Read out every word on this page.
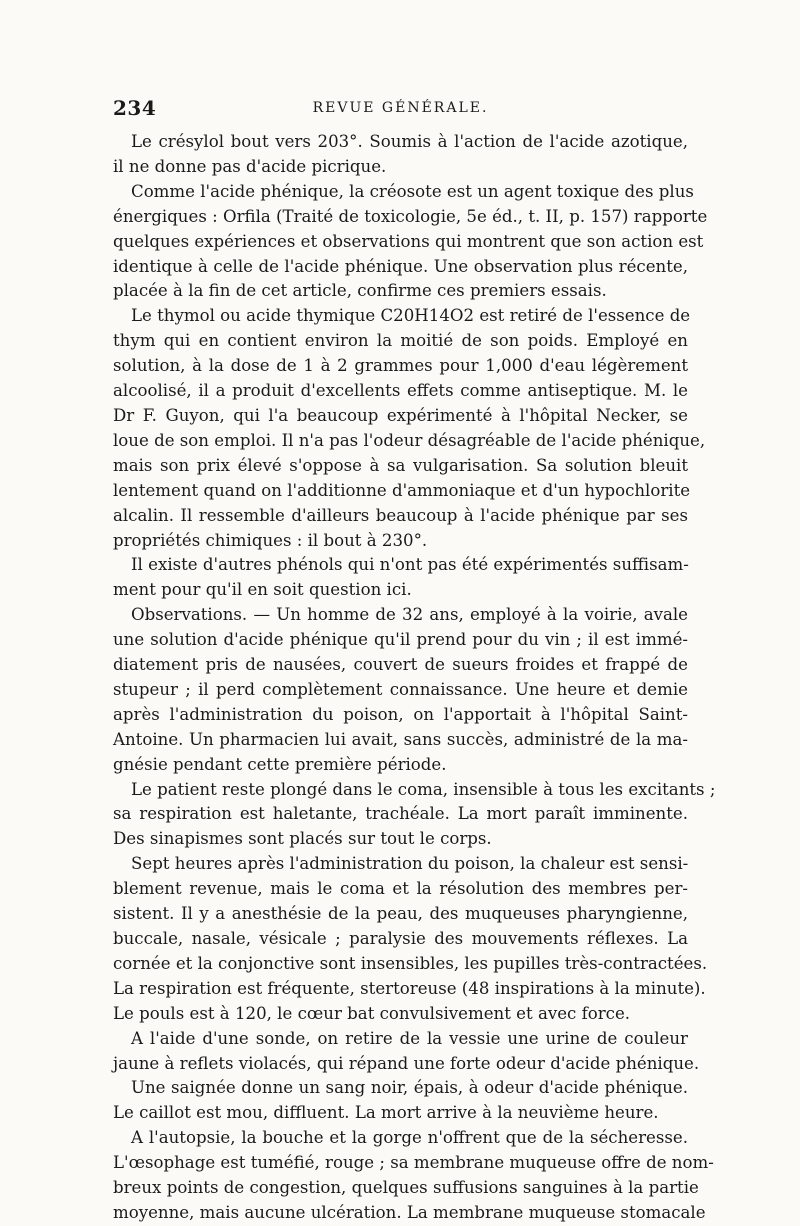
234	REVUE GÉNÉRALE.
Le crésylol bout vers 203°. Soumis à l'action de l'acide azotique,
il ne donne pas d'acide picrique.
Comme l'acide phénique, la créosote est un agent toxique des plus
énergiques : Orfila (Traité de toxicologie, 5e éd., t. II, p. 157) rapporte
quelques expériences et observations qui montrent que son action est
identique à celle de l'acide phénique. Une observation plus récente,
placée à la fin de cet article, confirme ces premiers essais.
Le thymol ou acide thymique C20H14O2 est retiré de l'essence de
thym qui en contient environ la moitié de son poids. Employé en
solution, à la dose de 1 à 2 grammes pour 1,000 d'eau légèrement
alcoolisé, il a produit d'excellents effets comme antiseptique. M. le
Dr F. Guyon, qui l'a beaucoup expérimenté à l'hôpital Necker, se
loue de son emploi. Il n'a pas l'odeur désagréable de l'acide phénique,
mais son prix élevé s'oppose à sa vulgarisation. Sa solution bleuit
lentement quand on l'additionne d'ammoniaque et d'un hypochlorite
alcalin. Il ressemble d'ailleurs beaucoup à l'acide phénique par ses
propriétés chimiques : il bout à 230°.
Il existe d'autres phénols qui n'ont pas été expérimentés suffisam-
ment pour qu'il en soit question ici.
Observations. — Un homme de 32 ans, employé à la voirie, avale
une solution d'acide phénique qu'il prend pour du vin ; il est immé-
diatement pris de nausées, couvert de sueurs froides et frappé de
stupeur ; il perd complètement connaissance. Une heure et demie
après l'administration du poison, on l'apportait à l'hôpital Saint-
Antoine. Un pharmacien lui avait, sans succès, administré de la ma-
gnésie pendant cette première période.
Le patient reste plongé dans le coma, insensible à tous les excitants ;
sa respiration est haletante, trachéale. La mort paraît imminente.
Des sinapismes sont placés sur tout le corps.
Sept heures après l'administration du poison, la chaleur est sensi-
blement revenue, mais le coma et la résolution des membres per-
sistent. Il y a anesthésie de la peau, des muqueuses pharyngienne,
buccale, nasale, vésicale ; paralysie des mouvements réflexes. La
cornée et la conjonctive sont insensibles, les pupilles très-contractées.
La respiration est fréquente, stertoreuse (48 inspirations à la minute).
Le pouls est à 120, le cœur bat convulsivement et avec force.
A l'aide d'une sonde, on retire de la vessie une urine de couleur
jaune à reflets violacés, qui répand une forte odeur d'acide phénique.
Une saignée donne un sang noir, épais, à odeur d'acide phénique.
Le caillot est mou, diffluent. La mort arrive à la neuvième heure.
A l'autopsie, la bouche et la gorge n'offrent que de la sécheresse.
L'œsophage est tuméfié, rouge ; sa membrane muqueuse offre de nom-
breux points de congestion, quelques suffusions sanguines à la partie
moyenne, mais aucune ulcération. La membrane muqueuse stomacale
